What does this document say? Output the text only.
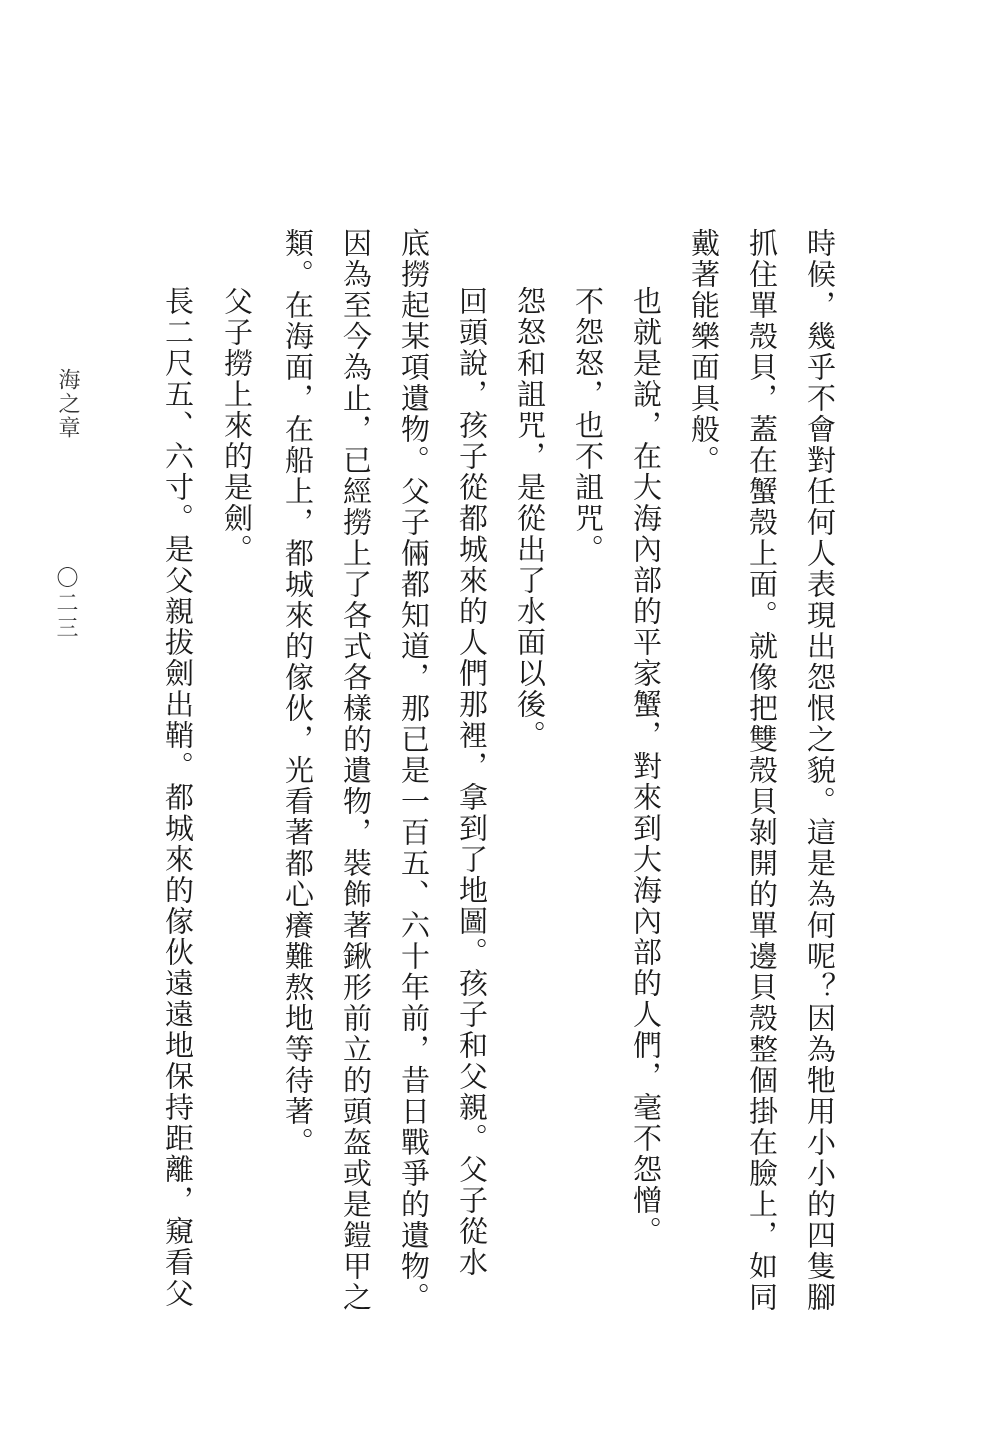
時候，幾乎不會對任何人表現出怨恨之貌。這是為何呢？因為牠用小小的四隻腳
抓住單殼貝，蓋在蟹殼上面。就像把雙殼貝剝開的單邊貝殼整個掛在臉上，如同
戴著能樂面具般。
也就是說，在大海內部的平家蟹，對來到大海內部的人們，毫不怨憎。
不怨怒，也不詛咒。
怨怒和詛咒，是從出了水面以後。
回頭說，孩子從都城來的人們那裡，拿到了地圖。孩子和父親。父子從水
底撈起某項遺物。父子倆都知道，那已是一百五、六十年前，昔日戰爭的遺物。
因為至今為止，已經撈上了各式各樣的遺物，裝飾著鍬形前立的頭盔或是鎧甲之
類。在海面，在船上，都城來的傢伙，光看著都心癢難熬地等待著。
父子撈上來的是劍。
長二尺五、六寸。是父親拔劍出鞘。都城來的傢伙遠遠地保持距離，窺看父
海之章
〇二三
